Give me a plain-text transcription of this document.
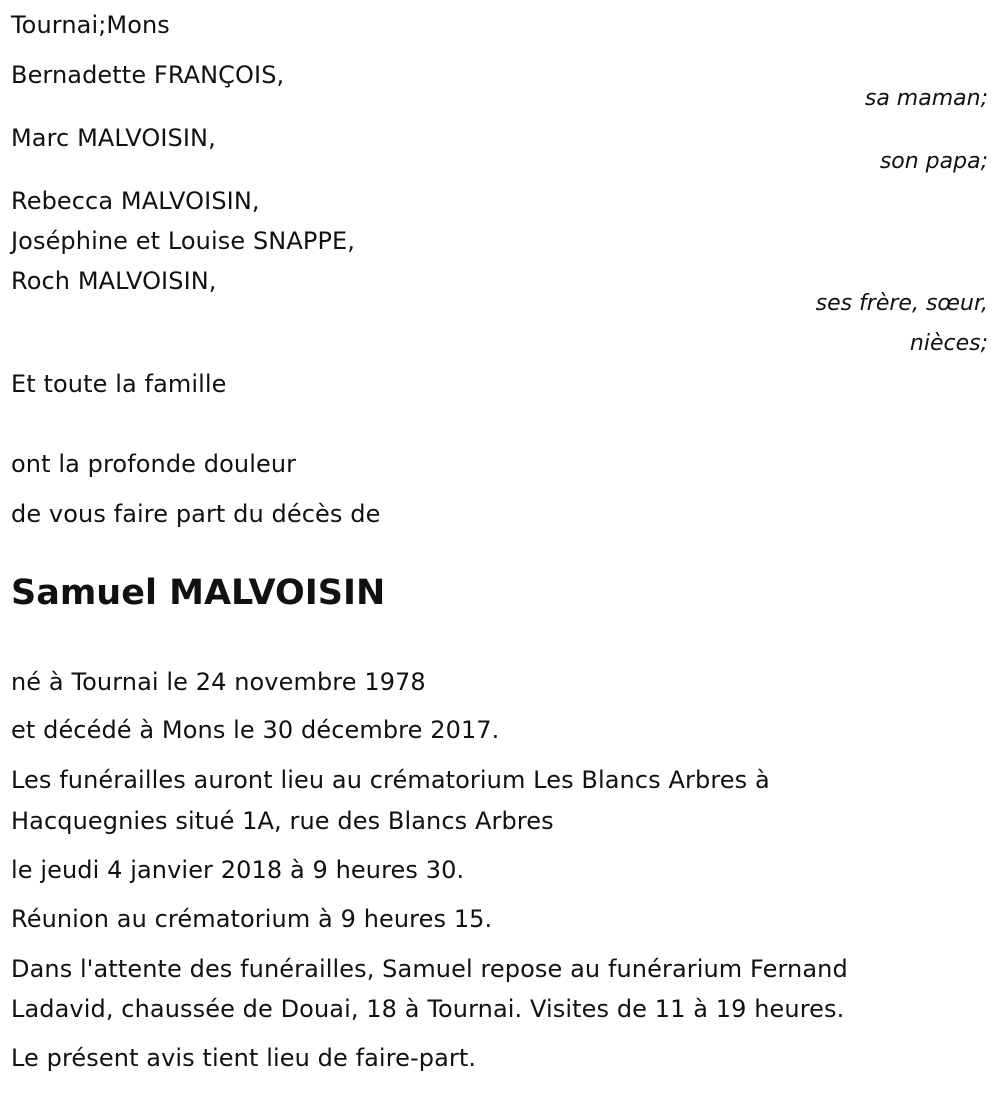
Tournai;Mons
Bernadette FRANÇOIS,
sa maman;
Marc MALVOISIN,
son papa;
Rebecca MALVOISIN,
Joséphine et Louise SNAPPE,
Roch MALVOISIN,
ses frère, sœur,
nièces;
Et toute la famille
ont la profonde douleur
de vous faire part du décès de
Samuel MALVOISIN
né à Tournai le 24 novembre 1978
et décédé à Mons le 30 décembre 2017.
Les funérailles auront lieu au crématorium Les Blancs Arbres à
Hacquegnies situé 1A, rue des Blancs Arbres
le jeudi 4 janvier 2018 à 9 heures 30.
Réunion au crématorium à 9 heures 15.
Dans l'attente des funérailles, Samuel repose au funérarium Fernand
Ladavid, chaussée de Douai, 18 à Tournai. Visites de 11 à 19 heures.
Le présent avis tient lieu de faire-part.
